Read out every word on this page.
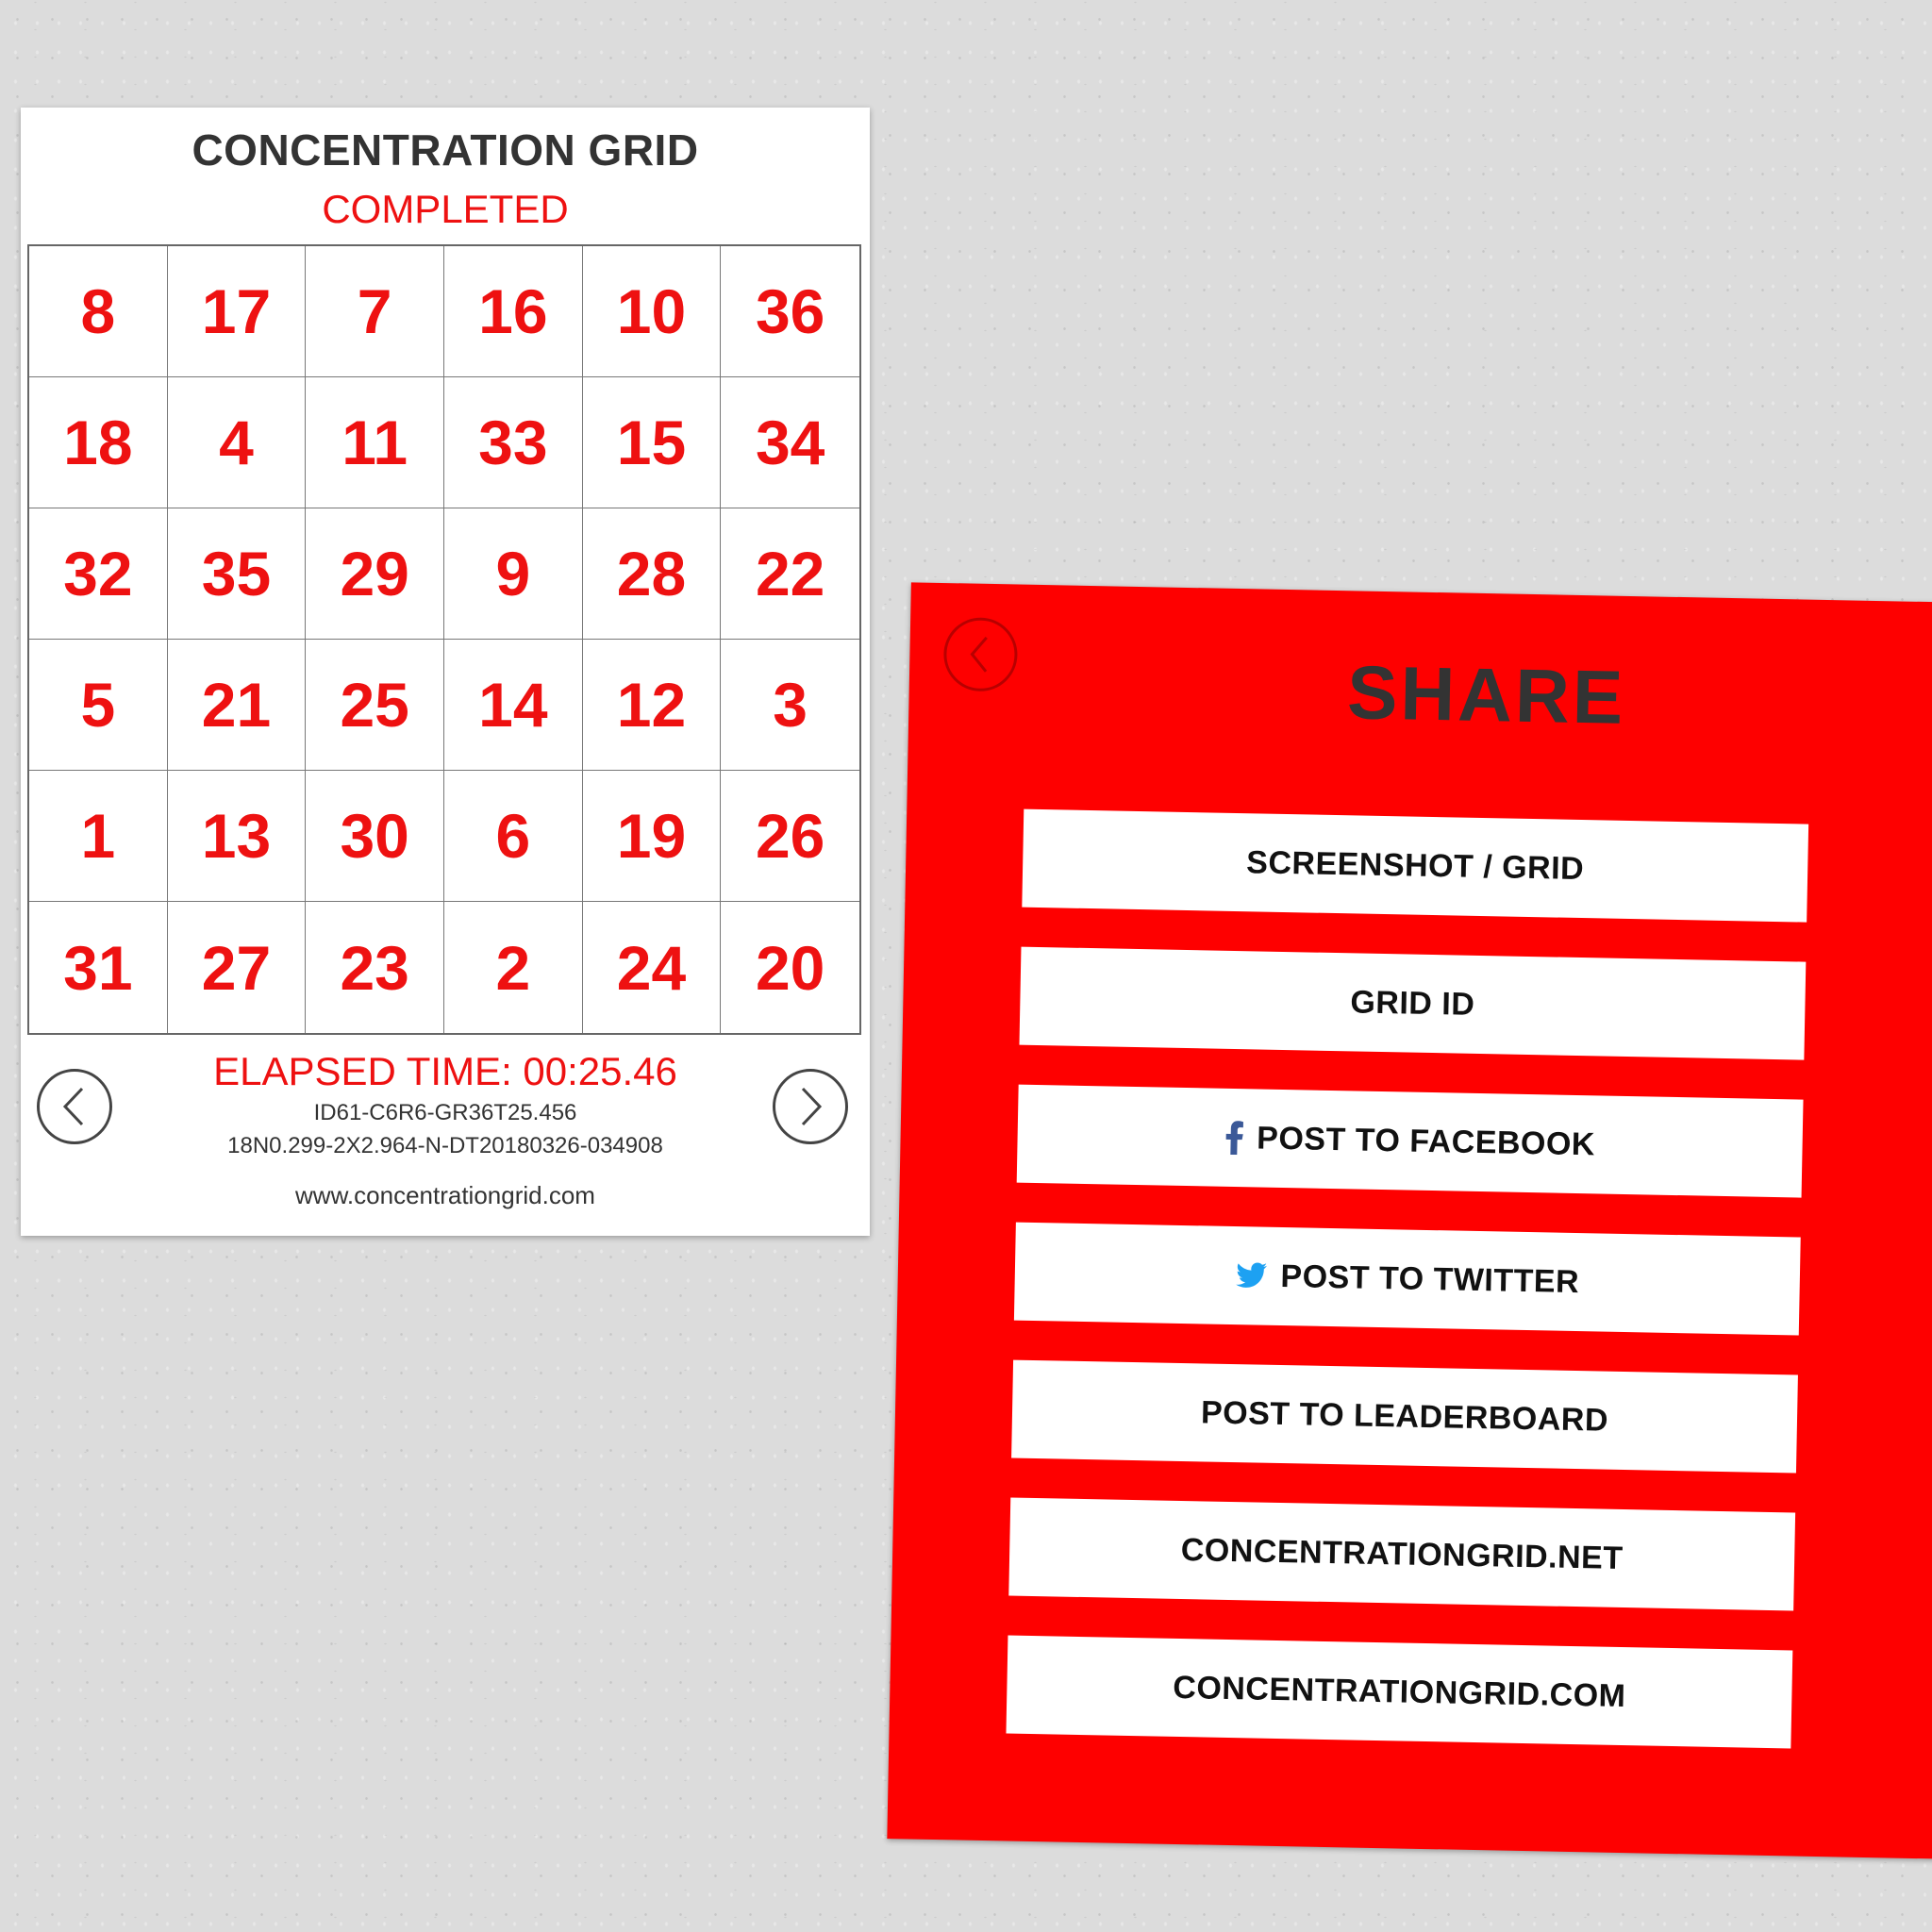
CONCENTRATION GRID
COMPLETED
8	17	7	16	10	36
18	4	11	33	15	34
32	35	29	9	28	22
5	21	25	14	12	3
1	13	30	6	19	26
31	27	23	2	24	20
ELAPSED TIME: 00:25.46
ID61-C6R6-GR36T25.456
18N0.299-2X2.964-N-DT20180326-034908
www.concentrationgrid.com
SHARE
SCREENSHOT / GRID
GRID ID
POST TO FACEBOOK
POST TO TWITTER
POST TO LEADERBOARD
CONCENTRATIONGRID.NET
CONCENTRATIONGRID.COM
